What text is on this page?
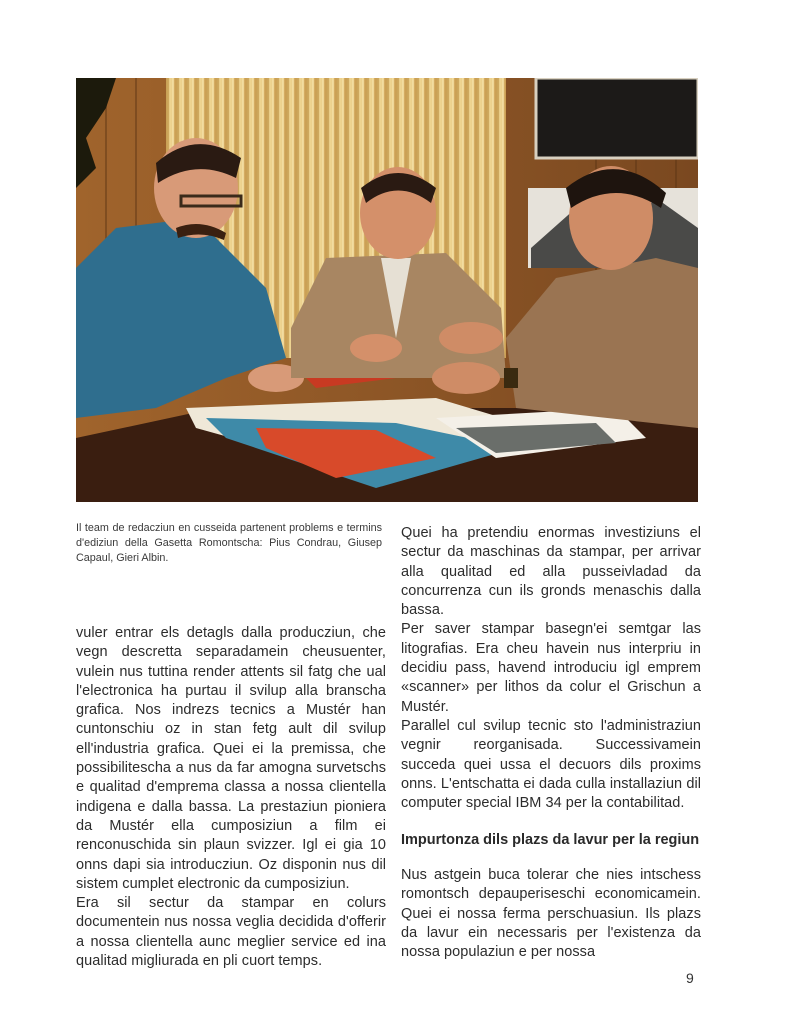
Il team de redacziun en cusseida partenent problems e termins d'ediziun della Gasetta Romontscha: Pius Condrau, Giusep Capaul, Gieri Albin.

vuler entrar els detagls dalla producziun, che vegn descretta separadamein cheusuenter, vulein nus tuttina render attents sil fatg che ual l'electronica ha purtau il svilup alla branscha grafica. Nos indrezs tecnics a Mustér han cuntonschiu oz in stan fetg ault dil svilup ell'industria grafica. Quei ei la premissa, che possibilitescha a nus da far amogna survetschs e qualitad d'emprema classa a nossa clientella indigena e dalla bassa. La prestaziun pioniera da Mustér ella cumposiziun a film ei renconuschida sin plaun svizzer. Igl ei gia 10 onns dapi sia introducziun. Oz disponin nus dil sistem cumplet electronic da cumposiziun.

Era sil sectur da stampar en colurs documentein nus nossa veglia decidida d'offerir a nossa clientella aunc meglier service ed ina qualitad migliurada en pli cuort temps.

Quei ha pretendiu enormas investiziuns el sectur da maschinas da stampar, per arrivar alla qualitad ed alla pusseivladad da concurrenza cun ils gronds menaschis dalla bassa.

Per saver stampar basegn'ei semtgar las litografias. Era cheu havein nus interpriu in decidiu pass, havend introduciu igl emprem «scanner» per lithos da colur el Grischun a Mustér.

Parallel cul svilup tecnic sto l'administraziun vegnir reorganisada. Successivamein succeda quei ussa el decuors dils proxims onns. L'entschatta ei dada culla installaziun dil computer special IBM 34 per la contabilitad.

Impurtonza dils plazs da lavur per la regiun

Nus astgein buca tolerar che nies intschess romontsch depauperiseschi economicamein. Quei ei nossa ferma perschuasiun. Ils plazs da lavur ein necessaris per l'existenza da nossa populaziun e per nossa

9
